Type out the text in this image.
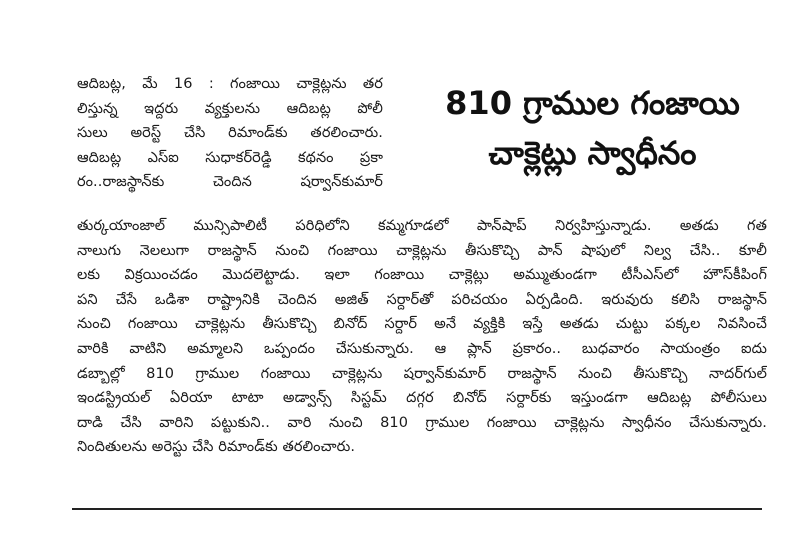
810 గ్రాముల గంజాయి
చాక్లెట్లు స్వాధీనం
ఆదిబట్ల, మే 16 : గంజాయి చాక్లెట్లను తర
లిస్తున్న ఇద్దరు వ్యక్తులను ఆదిబట్ల పోలీ
సులు అరెస్ట్ చేసి రిమాండ్‌కు తరలించారు.
ఆదిబట్ల ఎస్ఐ సుధాకర్‌రెడ్డి కథనం ప్రకా
రం..రాజస్థాన్‌కు చెందిన షర్వాన్‌కుమార్
తుర్కయాంజాల్ మున్సిపాలిటీ పరిధిలోని కమ్మగూడలో పాన్‌షాప్ నిర్వహిస్తున్నాడు. అతడు గత
నాలుగు నెలలుగా రాజస్థాన్ నుంచి గంజాయి చాక్లెట్లను తీసుకొచ్చి పాన్ షాపులో నిల్వ చేసి.. కూలీ
లకు విక్రయించడం మొదలెట్టాడు. ఇలా గంజాయి చాక్లెట్లు అమ్ముతుండగా టీసీఎస్‌లో హౌస్‌కీపింగ్
పని చేసే ఒడిశా రాష్ట్రానికి చెందిన అజిత్ సర్దార్‌తో పరిచయం ఏర్పడింది. ఇరువురు కలిసి రాజస్థాన్
నుంచి గంజాయి చాక్లెట్లను తీసుకొచ్చి బినోద్ సర్దార్ అనే వ్యక్తికి ఇస్తే అతడు చుట్టు పక్కల నివసించే
వారికి వాటిని అమ్మాలని ఒప్పందం చేసుకున్నారు. ఆ ప్లాన్ ప్రకారం.. బుధవారం సాయంత్రం ఐదు
డబ్బాల్లో 810 గ్రాముల గంజాయి చాక్లెట్లను షర్వాన్‌కుమార్ రాజస్థాన్ నుంచి తీసుకొచ్చి నాదర్‌గుల్
ఇండస్ట్రియల్ ఏరియా టాటా అడ్వాన్స్ సిస్టమ్ దగ్గర బినోద్ సర్దార్‌కు ఇస్తుండగా ఆదిబట్ల పోలీసులు
దాడి చేసి వారిని పట్టుకుని.. వారి నుంచి 810 గ్రాముల గంజాయి చాక్లెట్లను స్వాధీనం చేసుకున్నారు.
నిందితులను అరెస్టు చేసి రిమాండ్‌కు తరలించారు.
